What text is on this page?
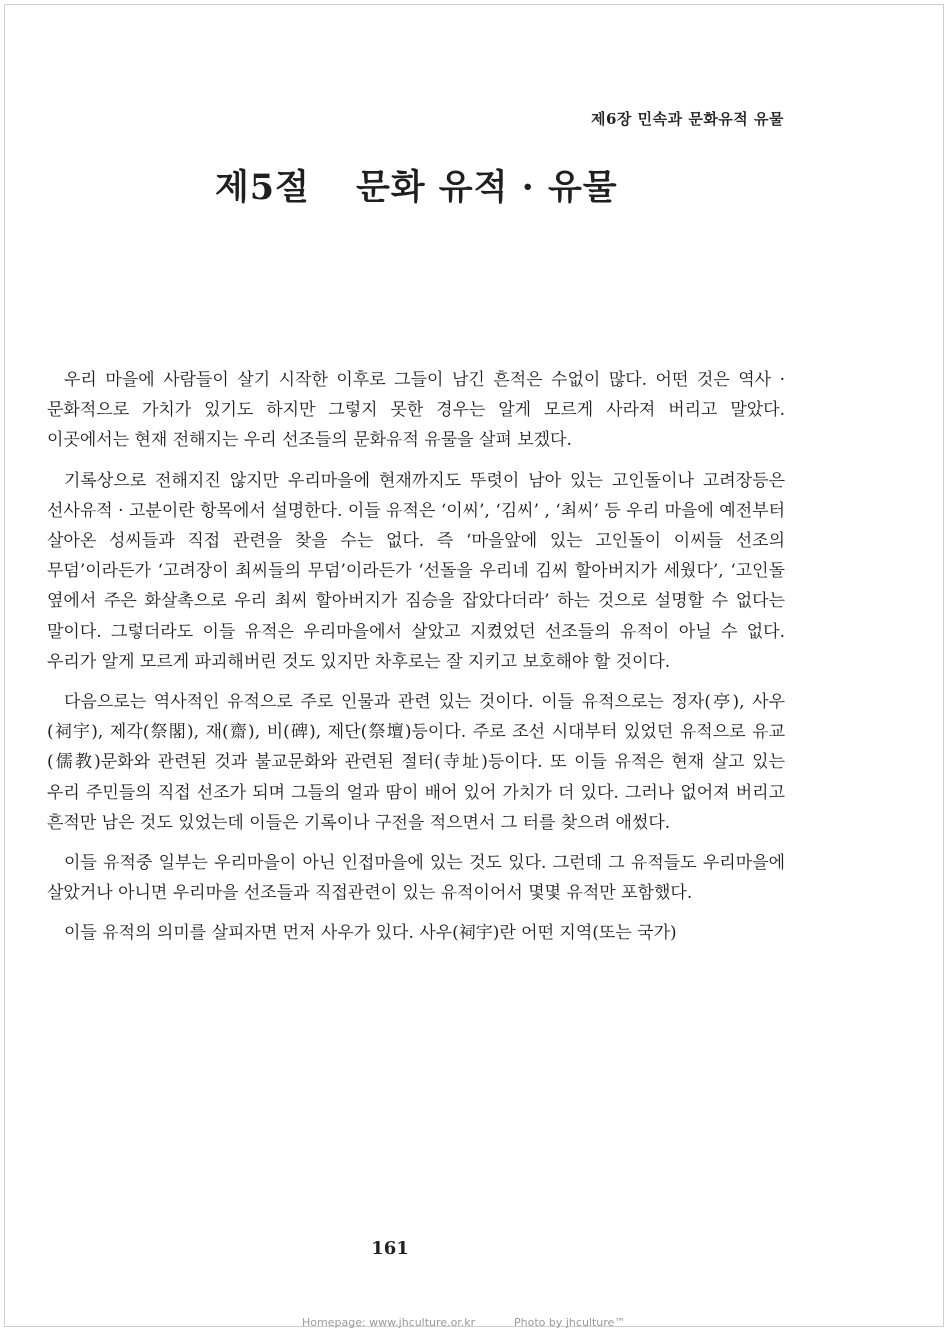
제6장 민속과 문화유적 유물
제5절 문화 유적 · 유물

우리 마을에 사람들이 살기 시작한 이후로 그들이 남긴 흔적은 수없이 많다. 어떤 것은 역사 · 문화적으로 가치가 있기도 하지만 그렇지 못한 경우는 알게 모르게 사라져 버리고 말았다. 이곳에서는 현재 전해지는 우리 선조들의 문화유적 유물을 살펴 보겠다.

기록상으로 전해지진 않지만 우리마을에 현재까지도 뚜렷이 남아 있는 고인돌이나 고려장등은 선사유적 · 고분이란 항목에서 설명한다. 이들 유적은 ‘이씨’, ‘김씨’ , ‘최씨’ 등 우리 마을에 예전부터 살아온 성씨들과 직접 관련을 찾을 수는 없다. 즉 ‘마을앞에 있는 고인돌이 이씨들 선조의 무덤’이라든가 ‘고려장이 최씨들의 무덤’이라든가 ‘선돌을 우리네 김씨 할아버지가 세웠다’, ‘고인돌 옆에서 주은 화살촉으로 우리 최씨 할아버지가 짐승을 잡았다더라’ 하는 것으로 설명할 수 없다는 말이다. 그렇더라도 이들 유적은 우리마을에서 살았고 지켰었던 선조들의 유적이 아닐 수 없다. 우리가 알게 모르게 파괴해버린 것도 있지만 차후로는 잘 지키고 보호해야 할 것이다.

다음으로는 역사적인 유적으로 주로 인물과 관련 있는 것이다. 이들 유적으로는 정자(亭), 사우(祠宇), 제각(祭閣), 재(齋), 비(碑), 제단(祭壇)등이다. 주로 조선 시대부터 있었던 유적으로 유교(儒教)문화와 관련된 것과 불교문화와 관련된 절터(寺址)등이다. 또 이들 유적은 현재 살고 있는 우리 주민들의 직접 선조가 되며 그들의 얼과 땀이 배어 있어 가치가 더 있다. 그러나 없어져 버리고 흔적만 남은 것도 있었는데 이들은 기록이나 구전을 적으면서 그 터를 찾으려 애썼다.

이들 유적중 일부는 우리마을이 아닌 인접마을에 있는 것도 있다. 그런데 그 유적들도 우리마을에 살았거나 아니면 우리마을 선조들과 직접관련이 있는 유적이어서 몇몇 유적만 포함했다.

이들 유적의 의미를 살피자면 먼저 사우가 있다. 사우(祠宇)란 어떤 지역(또는 국가)

161
Homepage: www.jhculture.or.kr	Photo by jhculture™
